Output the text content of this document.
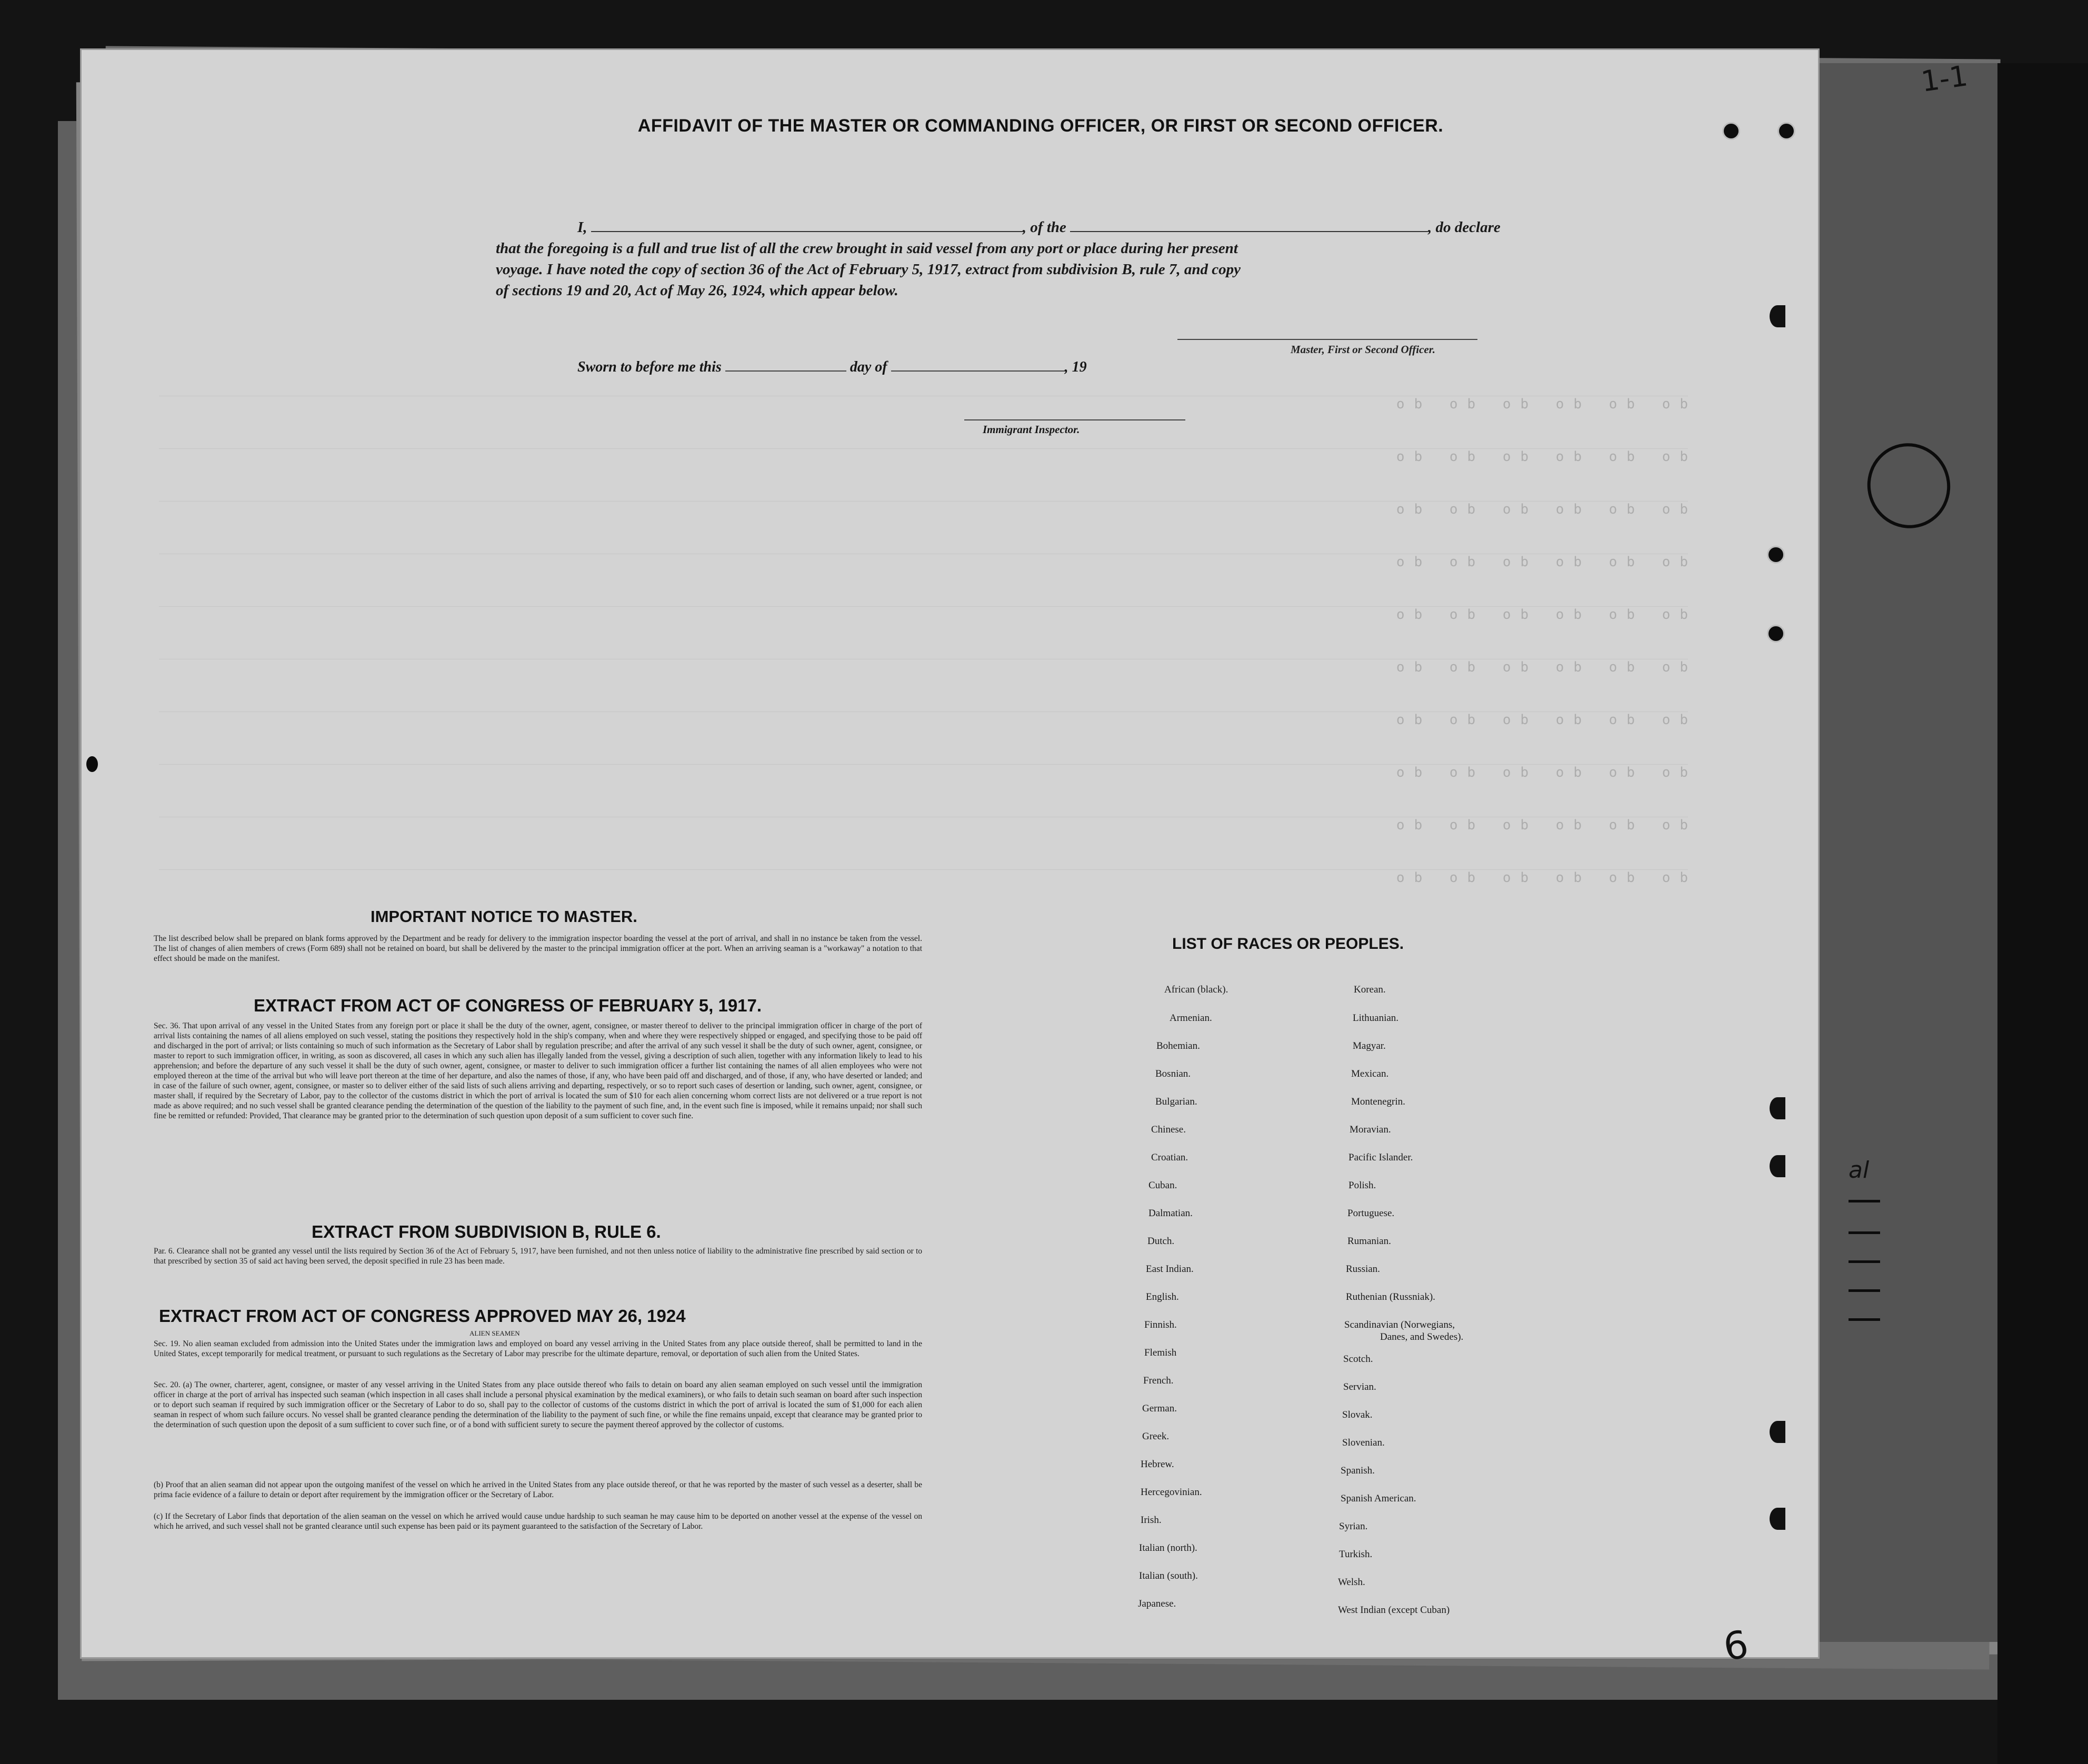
do do do do do do
do do do do do do
do do do do do do
do do do do do do
do do do do do do
do do do do do do
do do do do do do
do do do do do do
do do do do do do
do do do do do do
AFFIDAVIT OF THE MASTER OR COMMANDING OFFICER, OR FIRST OR SECOND OFFICER.
I,	, of the	, do declare
that the foregoing is a full and true list of all the crew brought in said vessel from any port or place during her present
voyage. I have noted the copy of section 36 of the Act of February 5, 1917, extract from subdivision B, rule 7, and copy
of sections 19 and 20, Act of May 26, 1924, which appear below.
Master, First or Second Officer.
Sworn to before me this	day of	, 19
Immigrant Inspector.
IMPORTANT NOTICE TO MASTER.
The list described below shall be prepared on blank forms approved by the Department and be ready for delivery to the immigration inspector boarding the vessel at the port of arrival, and shall in no instance be taken from the vessel. The list of changes of alien members of crews (Form 689) shall not be retained on board, but shall be delivered by the master to the principal immigration officer at the port. When an arriving seaman is a "workaway" a notation to that effect should be made on the manifest.
EXTRACT FROM ACT OF CONGRESS OF FEBRUARY 5, 1917.
Sec. 36. That upon arrival of any vessel in the United States from any foreign port or place it shall be the duty of the owner, agent, consignee, or master thereof to deliver to the principal immigration officer in charge of the port of arrival lists containing the names of all aliens employed on such vessel, stating the positions they respectively hold in the ship's company, when and where they were respectively shipped or engaged, and specifying those to be paid off and discharged in the port of arrival; or lists containing so much of such information as the Secretary of Labor shall by regulation prescribe; and after the arrival of any such vessel it shall be the duty of such owner, agent, consignee, or master to report to such immigration officer, in writing, as soon as discovered, all cases in which any such alien has illegally landed from the vessel, giving a description of such alien, together with any information likely to lead to his apprehension; and before the departure of any such vessel it shall be the duty of such owner, agent, consignee, or master to deliver to such immigration officer a further list containing the names of all alien employees who were not employed thereon at the time of the arrival but who will leave port thereon at the time of her departure, and also the names of those, if any, who have been paid off and discharged, and of those, if any, who have deserted or landed; and in case of the failure of such owner, agent, consignee, or master so to deliver either of the said lists of such aliens arriving and departing, respectively, or so to report such cases of desertion or landing, such owner, agent, consignee, or master shall, if required by the Secretary of Labor, pay to the collector of the customs district in which the port of arrival is located the sum of $10 for each alien concerning whom correct lists are not delivered or a true report is not made as above required; and no such vessel shall be granted clearance pending the determination of the question of the liability to the payment of such fine, and, in the event such fine is imposed, while it remains unpaid; nor shall such fine be remitted or refunded: Provided, That clearance may be granted prior to the determination of such question upon deposit of a sum sufficient to cover such fine.
EXTRACT FROM SUBDIVISION B, RULE 6.
Par. 6. Clearance shall not be granted any vessel until the lists required by Section 36 of the Act of February 5, 1917, have been furnished, and not then unless notice of liability to the administrative fine prescribed by said section or to that prescribed by section 35 of said act having been served, the deposit specified in rule 23 has been made.
EXTRACT FROM ACT OF CONGRESS APPROVED MAY 26, 1924
ALIEN SEAMEN
Sec. 19. No alien seaman excluded from admission into the United States under the immigration laws and employed on board any vessel arriving in the United States from any place outside thereof, shall be permitted to land in the United States, except temporarily for medical treatment, or pursuant to such regulations as the Secretary of Labor may prescribe for the ultimate departure, removal, or deportation of such alien from the United States.
Sec. 20. (a) The owner, charterer, agent, consignee, or master of any vessel arriving in the United States from any place outside thereof who fails to detain on board any alien seaman employed on such vessel until the immigration officer in charge at the port of arrival has inspected such seaman (which inspection in all cases shall include a personal physical examination by the medical examiners), or who fails to detain such seaman on board after such inspection or to deport such seaman if required by such immigration officer or the Secretary of Labor to do so, shall pay to the collector of customs of the customs district in which the port of arrival is located the sum of $1,000 for each alien seaman in respect of whom such failure occurs. No vessel shall be granted clearance pending the determination of the liability to the payment of such fine, or while the fine remains unpaid, except that clearance may be granted prior to the determination of such question upon the deposit of a sum sufficient to cover such fine, or of a bond with sufficient surety to secure the payment thereof approved by the collector of customs.
(b) Proof that an alien seaman did not appear upon the outgoing manifest of the vessel on which he arrived in the United States from any place outside thereof, or that he was reported by the master of such vessel as a deserter, shall be prima facie evidence of a failure to detain or deport after requirement by the immigration officer or the Secretary of Labor.
(c) If the Secretary of Labor finds that deportation of the alien seaman on the vessel on which he arrived would cause undue hardship to such seaman he may cause him to be deported on another vessel at the expense of the vessel on which he arrived, and such vessel shall not be granted clearance until such expense has been paid or its payment guaranteed to the satisfaction of the Secretary of Labor.
LIST OF RACES OR PEOPLES.
African (black).
Armenian.
Bohemian.
Bosnian.
Bulgarian.
Chinese.
Croatian.
Cuban.
Dalmatian.
Dutch.
East Indian.
English.
Finnish.
Flemish
French.
German.
Greek.
Hebrew.
Hercegovinian.
Irish.
Italian (north).
Italian (south).
Japanese.
Korean.
Lithuanian.
Magyar.
Mexican.
Montenegrin.
Moravian.
Pacific Islander.
Polish.
Portuguese.
Rumanian.
Russian.
Ruthenian (Russniak).
Scandinavian (Norwegians,
Danes, and Swedes).
Scotch.
Servian.
Slovak.
Slovenian.
Spanish.
Spanish American.
Syrian.
Turkish.
Welsh.
West Indian (except Cuban)
1-1
6
al
